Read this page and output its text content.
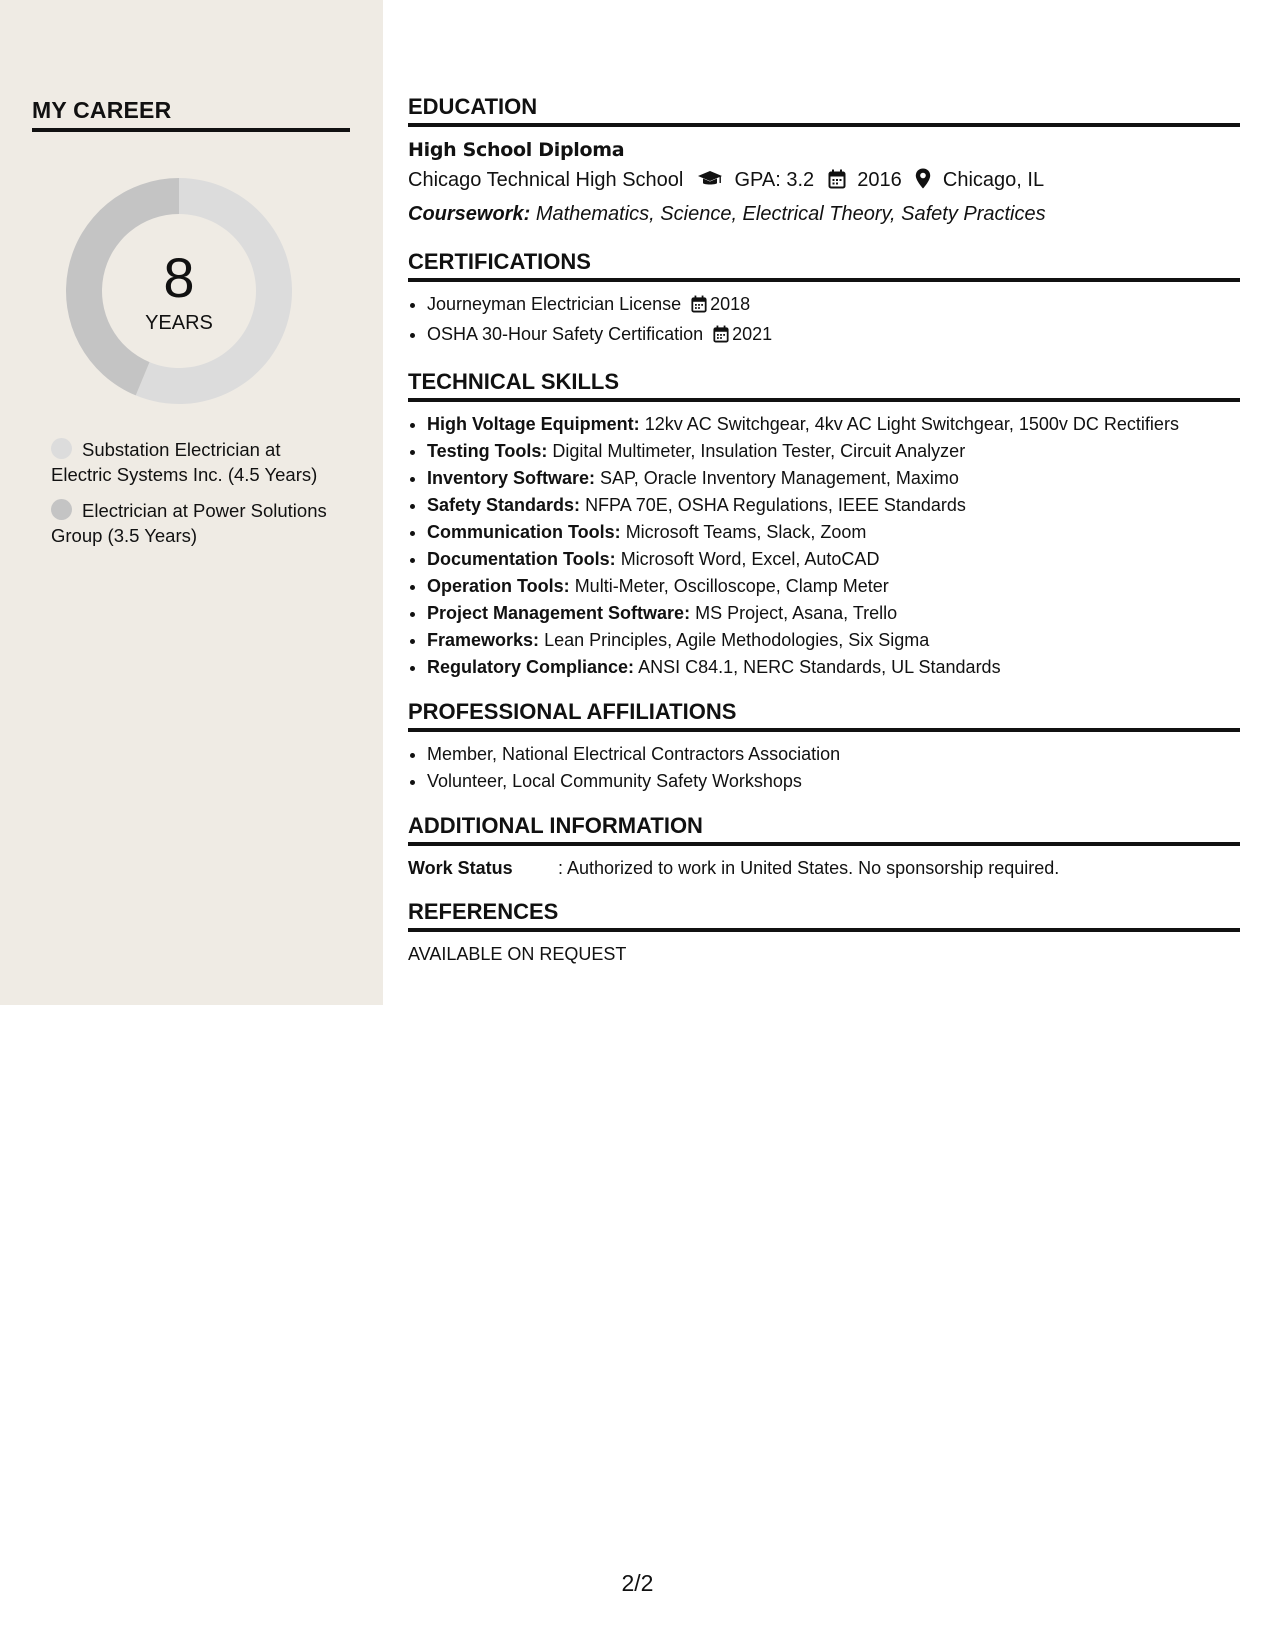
MY CAREER
8
YEARS
Substation Electrician at Electric Systems Inc. (4.5 Years)
Electrician at Power Solutions Group (3.5 Years)
EDUCATION
High School Diploma
Chicago Technical High School	GPA: 3.2 2016 Chicago, IL
Coursework: Mathematics, Science, Electrical Theory, Safety Practices
CERTIFICATIONS
• Journeyman Electrician License 2018
• OSHA 30-Hour Safety Certification 2021
TECHNICAL SKILLS
• High Voltage Equipment: 12kv AC Switchgear, 4kv AC Light Switchgear, 1500v DC Rectifiers
• Testing Tools: Digital Multimeter, Insulation Tester, Circuit Analyzer
• Inventory Software: SAP, Oracle Inventory Management, Maximo
• Safety Standards: NFPA 70E, OSHA Regulations, IEEE Standards
• Communication Tools: Microsoft Teams, Slack, Zoom
• Documentation Tools: Microsoft Word, Excel, AutoCAD
• Operation Tools: Multi-Meter, Oscilloscope, Clamp Meter
• Project Management Software: MS Project, Asana, Trello
• Frameworks: Lean Principles, Agile Methodologies, Six Sigma
• Regulatory Compliance: ANSI C84.1, NERC Standards, UL Standards
PROFESSIONAL AFFILIATIONS
• Member, National Electrical Contractors Association
• Volunteer, Local Community Safety Workshops
ADDITIONAL INFORMATION
Work Status	: Authorized to work in United States. No sponsorship required.
REFERENCES
AVAILABLE ON REQUEST
2/2
